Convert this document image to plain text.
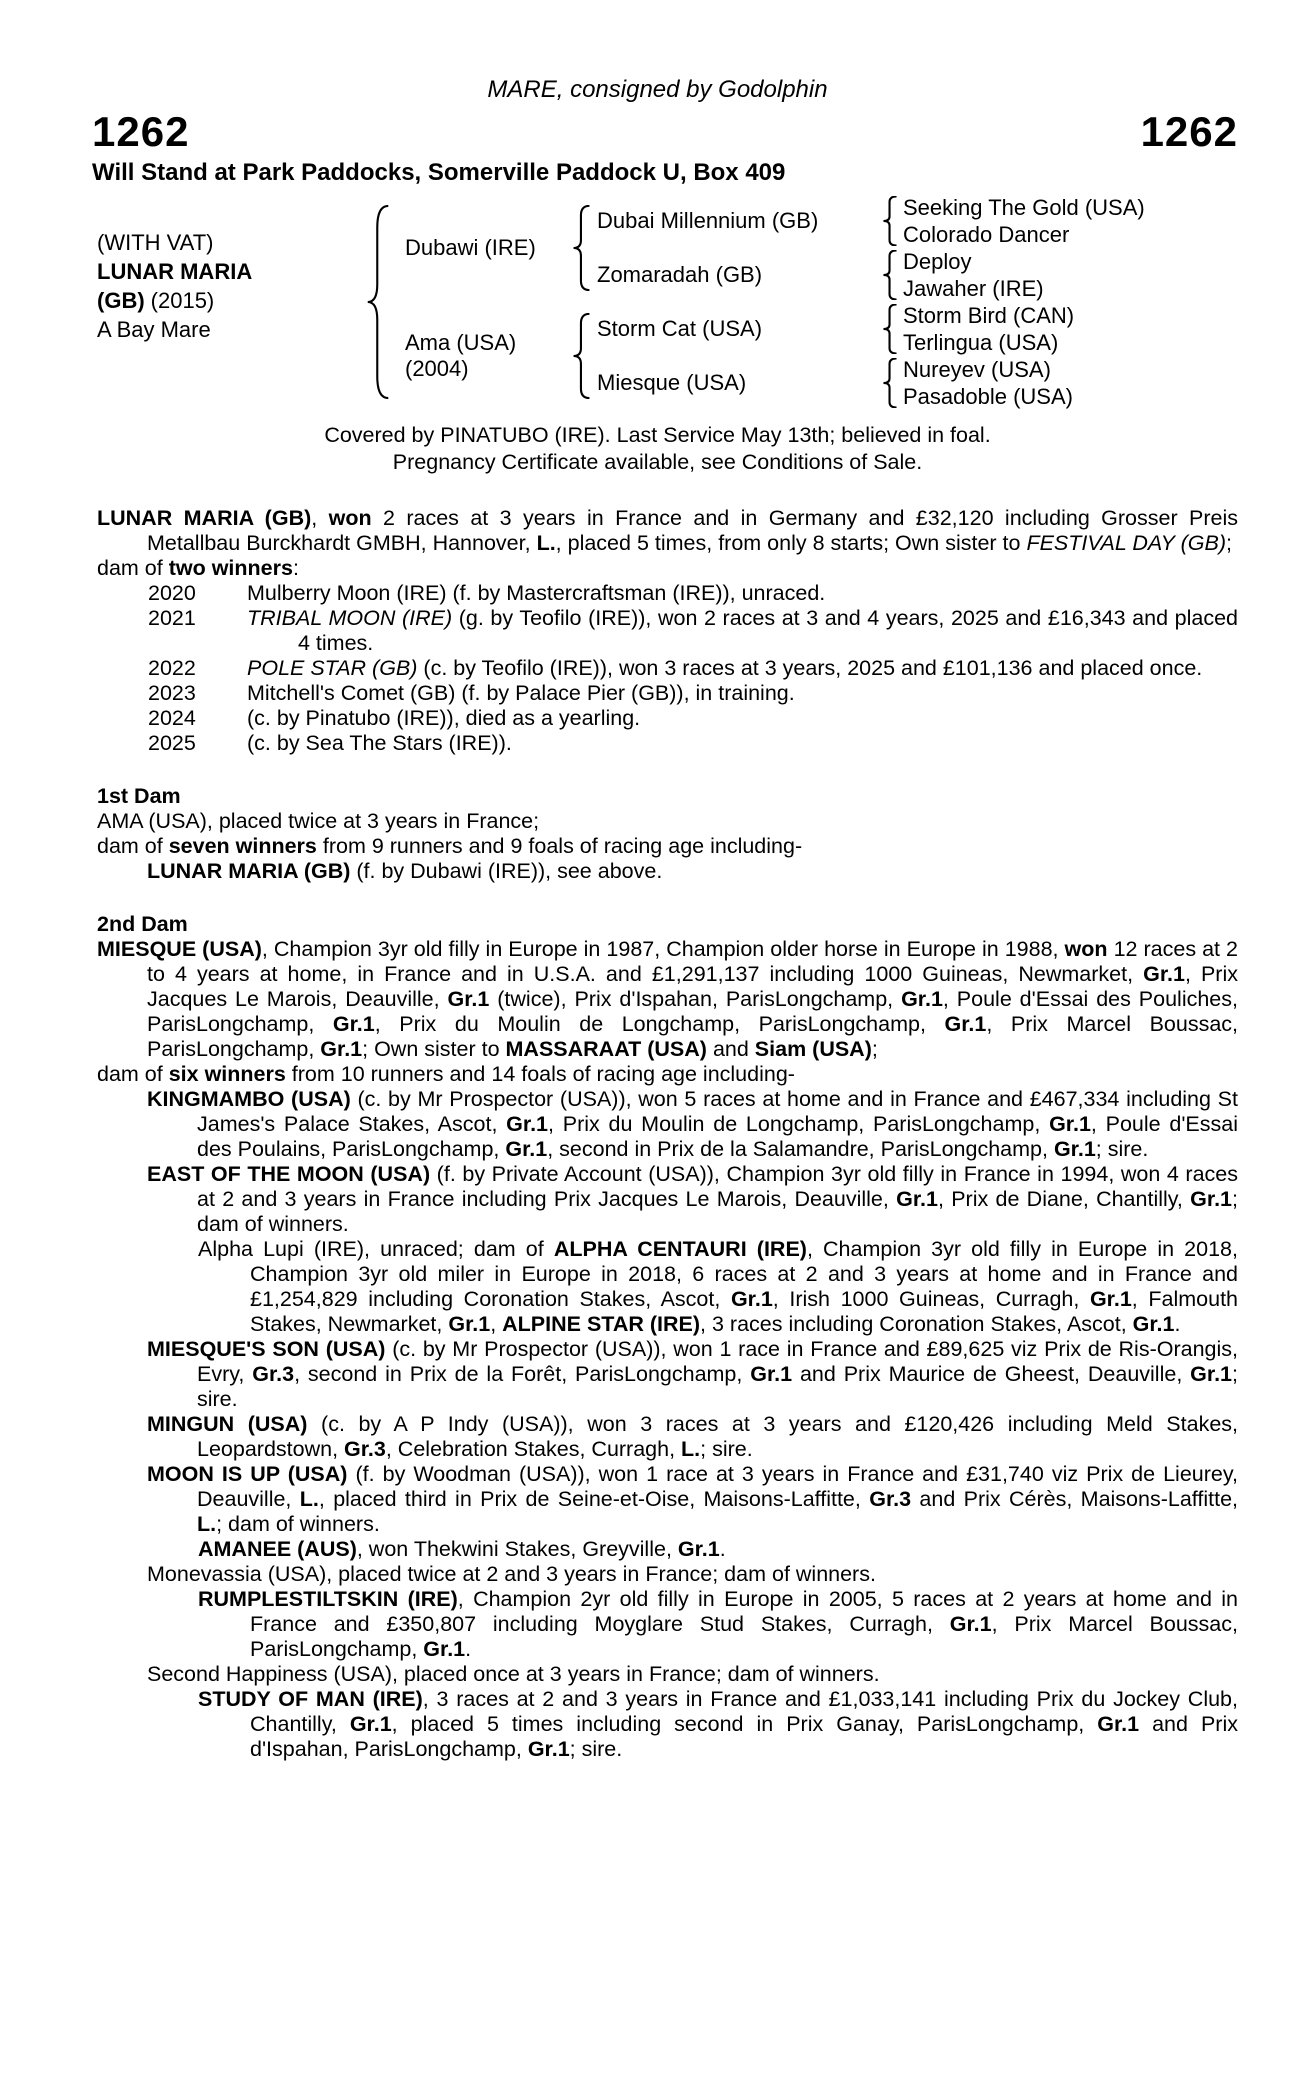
MARE, consigned by Godolphin
1262	1262
Will Stand at Park Paddocks, Somerville Paddock U, Box 409
(WITH VAT)
LUNAR MARIA
(GB) (2015)
A Bay Mare
Dubawi (IRE)
Ama (USA)
(2004)
Dubai Millennium (GB)
Zomaradah (GB)
Storm Cat (USA)
Miesque (USA)
Seeking The Gold (USA)
Colorado Dancer
Deploy
Jawaher (IRE)
Storm Bird (CAN)
Terlingua (USA)
Nureyev (USA)
Pasadoble (USA)
Covered by PINATUBO (IRE). Last Service May 13th; believed in foal.
Pregnancy Certificate available, see Conditions of Sale.
LUNAR MARIA (GB), won 2 races at 3 years in France and in Germany and £32,120 including Grosser Preis Metallbau Burckhardt GMBH, Hannover, L., placed 5 times, from only 8 starts; Own sister to FESTIVAL DAY (GB);
dam of two winners:
2020 Mulberry Moon (IRE) (f. by Mastercraftsman (IRE)), unraced.
2021 TRIBAL MOON (IRE) (g. by Teofilo (IRE)), won 2 races at 3 and 4 years, 2025 and £16,343 and placed 4 times.
2022 POLE STAR (GB) (c. by Teofilo (IRE)), won 3 races at 3 years, 2025 and £101,136 and placed once.
2023 Mitchell's Comet (GB) (f. by Palace Pier (GB)), in training.
2024 (c. by Pinatubo (IRE)), died as a yearling.
2025 (c. by Sea The Stars (IRE)).
1st Dam
AMA (USA), placed twice at 3 years in France;
dam of seven winners from 9 runners and 9 foals of racing age including-
LUNAR MARIA (GB) (f. by Dubawi (IRE)), see above.
2nd Dam
MIESQUE (USA), Champion 3yr old filly in Europe in 1987, Champion older horse in Europe in 1988, won 12 races at 2 to 4 years at home, in France and in U.S.A. and £1,291,137 including 1000 Guineas, Newmarket, Gr.1, Prix Jacques Le Marois, Deauville, Gr.1 (twice), Prix d'Ispahan, ParisLongchamp, Gr.1, Poule d'Essai des Pouliches, ParisLongchamp, Gr.1, Prix du Moulin de Longchamp, ParisLongchamp, Gr.1, Prix Marcel Boussac, ParisLongchamp, Gr.1; Own sister to MASSARAAT (USA) and Siam (USA);
dam of six winners from 10 runners and 14 foals of racing age including-
KINGMAMBO (USA) (c. by Mr Prospector (USA)), won 5 races at home and in France and £467,334 including St James's Palace Stakes, Ascot, Gr.1, Prix du Moulin de Longchamp, ParisLongchamp, Gr.1, Poule d'Essai des Poulains, ParisLongchamp, Gr.1, second in Prix de la Salamandre, ParisLongchamp, Gr.1; sire.
EAST OF THE MOON (USA) (f. by Private Account (USA)), Champion 3yr old filly in France in 1994, won 4 races at 2 and 3 years in France including Prix Jacques Le Marois, Deauville, Gr.1, Prix de Diane, Chantilly, Gr.1; dam of winners.
Alpha Lupi (IRE), unraced; dam of ALPHA CENTAURI (IRE), Champion 3yr old filly in Europe in 2018, Champion 3yr old miler in Europe in 2018, 6 races at 2 and 3 years at home and in France and £1,254,829 including Coronation Stakes, Ascot, Gr.1, Irish 1000 Guineas, Curragh, Gr.1, Falmouth Stakes, Newmarket, Gr.1, ALPINE STAR (IRE), 3 races including Coronation Stakes, Ascot, Gr.1.
MIESQUE'S SON (USA) (c. by Mr Prospector (USA)), won 1 race in France and £89,625 viz Prix de Ris-Orangis, Evry, Gr.3, second in Prix de la Forêt, ParisLongchamp, Gr.1 and Prix Maurice de Gheest, Deauville, Gr.1; sire.
MINGUN (USA) (c. by A P Indy (USA)), won 3 races at 3 years and £120,426 including Meld Stakes, Leopardstown, Gr.3, Celebration Stakes, Curragh, L.; sire.
MOON IS UP (USA) (f. by Woodman (USA)), won 1 race at 3 years in France and £31,740 viz Prix de Lieurey, Deauville, L., placed third in Prix de Seine-et-Oise, Maisons-Laffitte, Gr.3 and Prix Cérès, Maisons-Laffitte, L.; dam of winners.
AMANEE (AUS), won Thekwini Stakes, Greyville, Gr.1.
Monevassia (USA), placed twice at 2 and 3 years in France; dam of winners.
RUMPLESTILTSKIN (IRE), Champion 2yr old filly in Europe in 2005, 5 races at 2 years at home and in France and £350,807 including Moyglare Stud Stakes, Curragh, Gr.1, Prix Marcel Boussac, ParisLongchamp, Gr.1.
Second Happiness (USA), placed once at 3 years in France; dam of winners.
STUDY OF MAN (IRE), 3 races at 2 and 3 years in France and £1,033,141 including Prix du Jockey Club, Chantilly, Gr.1, placed 5 times including second in Prix Ganay, ParisLongchamp, Gr.1 and Prix d'Ispahan, ParisLongchamp, Gr.1; sire.
